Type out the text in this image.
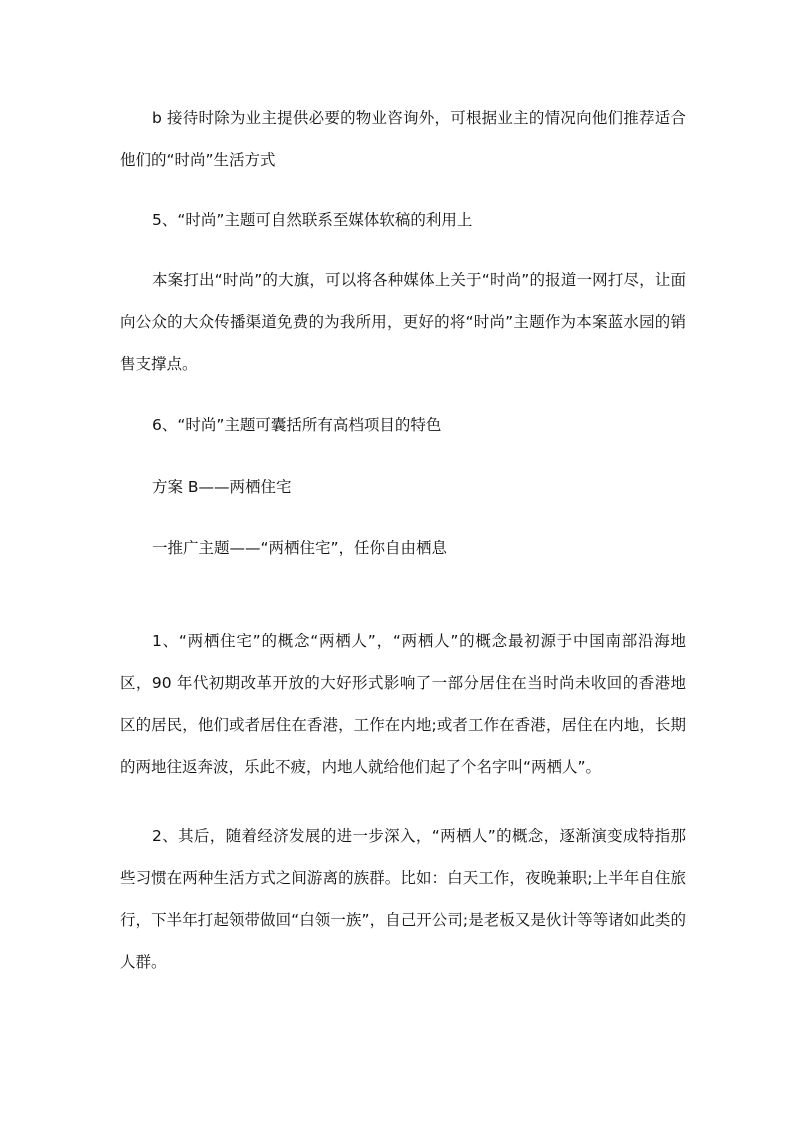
b 接待时除为业主提供必要的物业咨询外，可根据业主的情况向他们推荐适合他们的“时尚”生活方式

5、“时尚”主题可自然联系至媒体软稿的利用上

本案打出“时尚”的大旗，可以将各种媒体上关于“时尚”的报道一网打尽，让面向公众的大众传播渠道免费的为我所用，更好的将“时尚”主题作为本案蓝水园的销售支撑点。

6、“时尚”主题可囊括所有高档项目的特色

方案 B——两栖住宅

一推广主题——“两栖住宅”，任你自由栖息

1、“两栖住宅”的概念“两栖人”，“两栖人”的概念最初源于中国南部沿海地区，90 年代初期改革开放的大好形式影响了一部分居住在当时尚未收回的香港地区的居民，他们或者居住在香港，工作在内地;或者工作在香港，居住在内地，长期的两地往返奔波，乐此不疲，内地人就给他们起了个名字叫“两栖人”。

2、其后，随着经济发展的进一步深入，“两栖人”的概念，逐渐演变成特指那些习惯在两种生活方式之间游离的族群。比如：白天工作，夜晚兼职;上半年自住旅行，下半年打起领带做回“白领一族”，自己开公司;是老板又是伙计等等诸如此类的人群。
